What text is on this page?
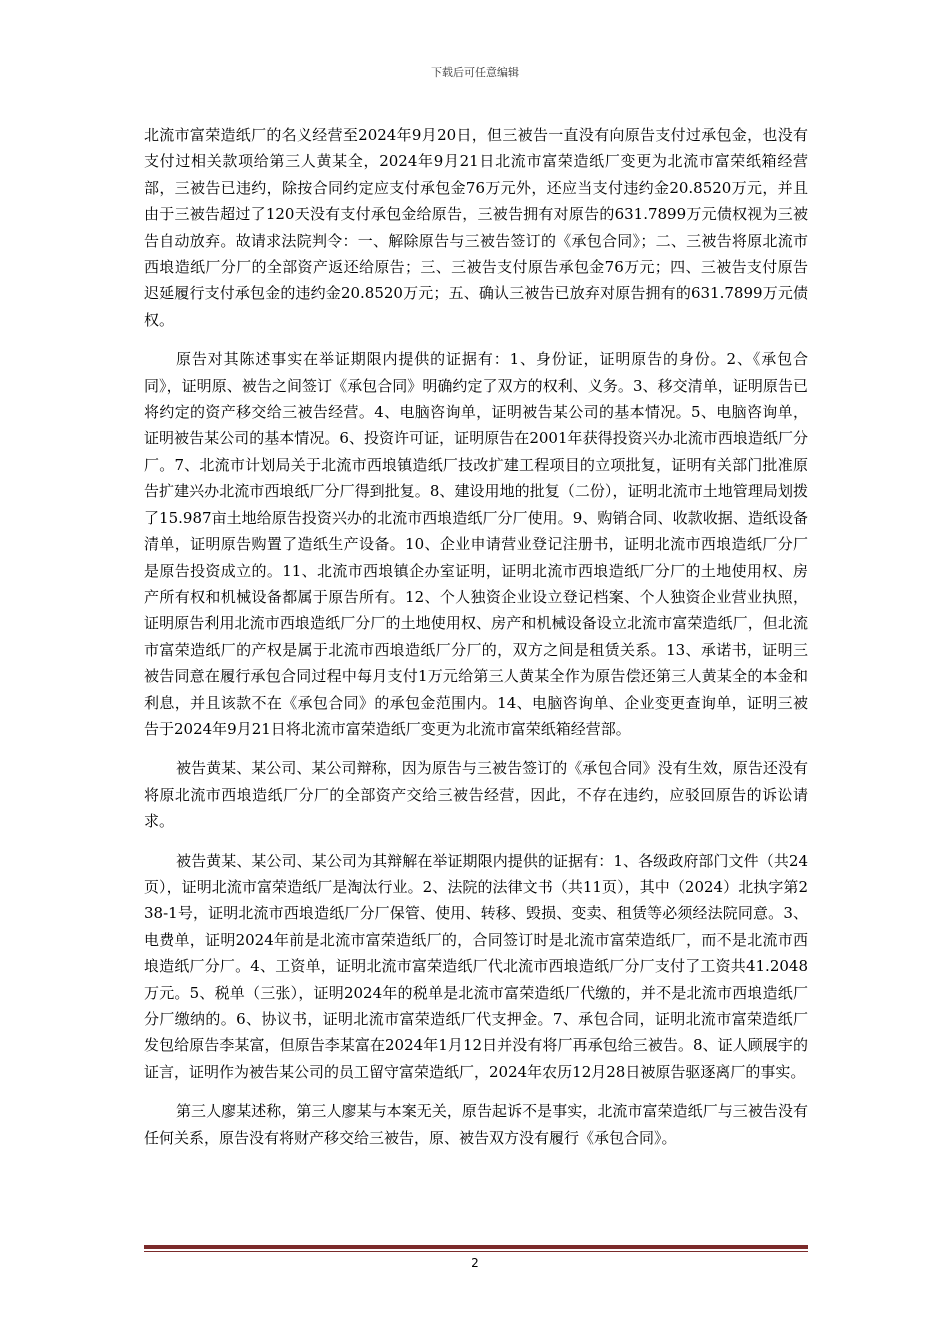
下载后可任意编辑

北流市富荣造纸厂的名义经营至2024年9月20日，但三被告一直没有向原告支付过承包金，也没有支付过相关款项给第三人黄某全，2024年9月21日北流市富荣造纸厂变更为北流市富荣纸箱经营部，三被告已违约，除按合同约定应支付承包金76万元外，还应当支付违约金20.8520万元，并且由于三被告超过了120天没有支付承包金给原告，三被告拥有对原告的631.7899万元债权视为三被告自动放弃。故请求法院判令：一、解除原告与三被告签订的《承包合同》；二、三被告将原北流市西埌造纸厂分厂的全部资产返还给原告；三、三被告支付原告承包金76万元；四、三被告支付原告迟延履行支付承包金的违约金20.8520万元；五、确认三被告已放弃对原告拥有的631.7899万元债权。

原告对其陈述事实在举证期限内提供的证据有：1、身份证，证明原告的身份。2、《承包合同》，证明原、被告之间签订《承包合同》明确约定了双方的权利、义务。3、移交清单，证明原告已将约定的资产移交给三被告经营。4、电脑咨询单，证明被告某公司的基本情况。5、电脑咨询单，证明被告某公司的基本情况。6、投资许可证，证明原告在2001年获得投资兴办北流市西埌造纸厂分厂。7、北流市计划局关于北流市西埌镇造纸厂技改扩建工程项目的立项批复，证明有关部门批准原告扩建兴办北流市西埌纸厂分厂得到批复。8、建设用地的批复（二份），证明北流市土地管理局划拨了15.987亩土地给原告投资兴办的北流市西埌造纸厂分厂使用。9、购销合同、收款收据、造纸设备清单，证明原告购置了造纸生产设备。10、企业申请营业登记注册书，证明北流市西埌造纸厂分厂是原告投资成立的。11、北流市西埌镇企办室证明，证明北流市西埌造纸厂分厂的土地使用权、房产所有权和机械设备都属于原告所有。12、个人独资企业设立登记档案、个人独资企业营业执照，证明原告利用北流市西埌造纸厂分厂的土地使用权、房产和机械设备设立北流市富荣造纸厂，但北流市富荣造纸厂的产权是属于北流市西埌造纸厂分厂的，双方之间是租赁关系。13、承诺书，证明三被告同意在履行承包合同过程中每月支付1万元给第三人黄某全作为原告偿还第三人黄某全的本金和利息，并且该款不在《承包合同》的承包金范围内。14、电脑咨询单、企业变更查询单，证明三被告于2024年9月21日将北流市富荣造纸厂变更为北流市富荣纸箱经营部。

被告黄某、某公司、某公司辩称，因为原告与三被告签订的《承包合同》没有生效，原告还没有将原北流市西埌造纸厂分厂的全部资产交给三被告经营，因此，不存在违约，应驳回原告的诉讼请求。

被告黄某、某公司、某公司为其辩解在举证期限内提供的证据有：1、各级政府部门文件（共24页），证明北流市富荣造纸厂是淘汰行业。2、法院的法律文书（共11页），其中（2024）北执字第238-1号，证明北流市西埌造纸厂分厂保管、使用、转移、毁损、变卖、租赁等必须经法院同意。3、电费单，证明2024年前是北流市富荣造纸厂的，合同签订时是北流市富荣造纸厂，而不是北流市西埌造纸厂分厂。4、工资单，证明北流市富荣造纸厂代北流市西埌造纸厂分厂支付了工资共41.2048万元。5、税单（三张），证明2024年的税单是北流市富荣造纸厂代缴的，并不是北流市西埌造纸厂分厂缴纳的。6、协议书，证明北流市富荣造纸厂代支押金。7、承包合同，证明北流市富荣造纸厂发包给原告李某富，但原告李某富在2024年1月12日并没有将厂再承包给三被告。8、证人顾展宇的证言，证明作为被告某公司的员工留守富荣造纸厂，2024年农历12月28日被原告驱逐离厂的事实。

第三人廖某述称，第三人廖某与本案无关，原告起诉不是事实，北流市富荣造纸厂与三被告没有任何关系，原告没有将财产移交给三被告，原、被告双方没有履行《承包合同》。

2
